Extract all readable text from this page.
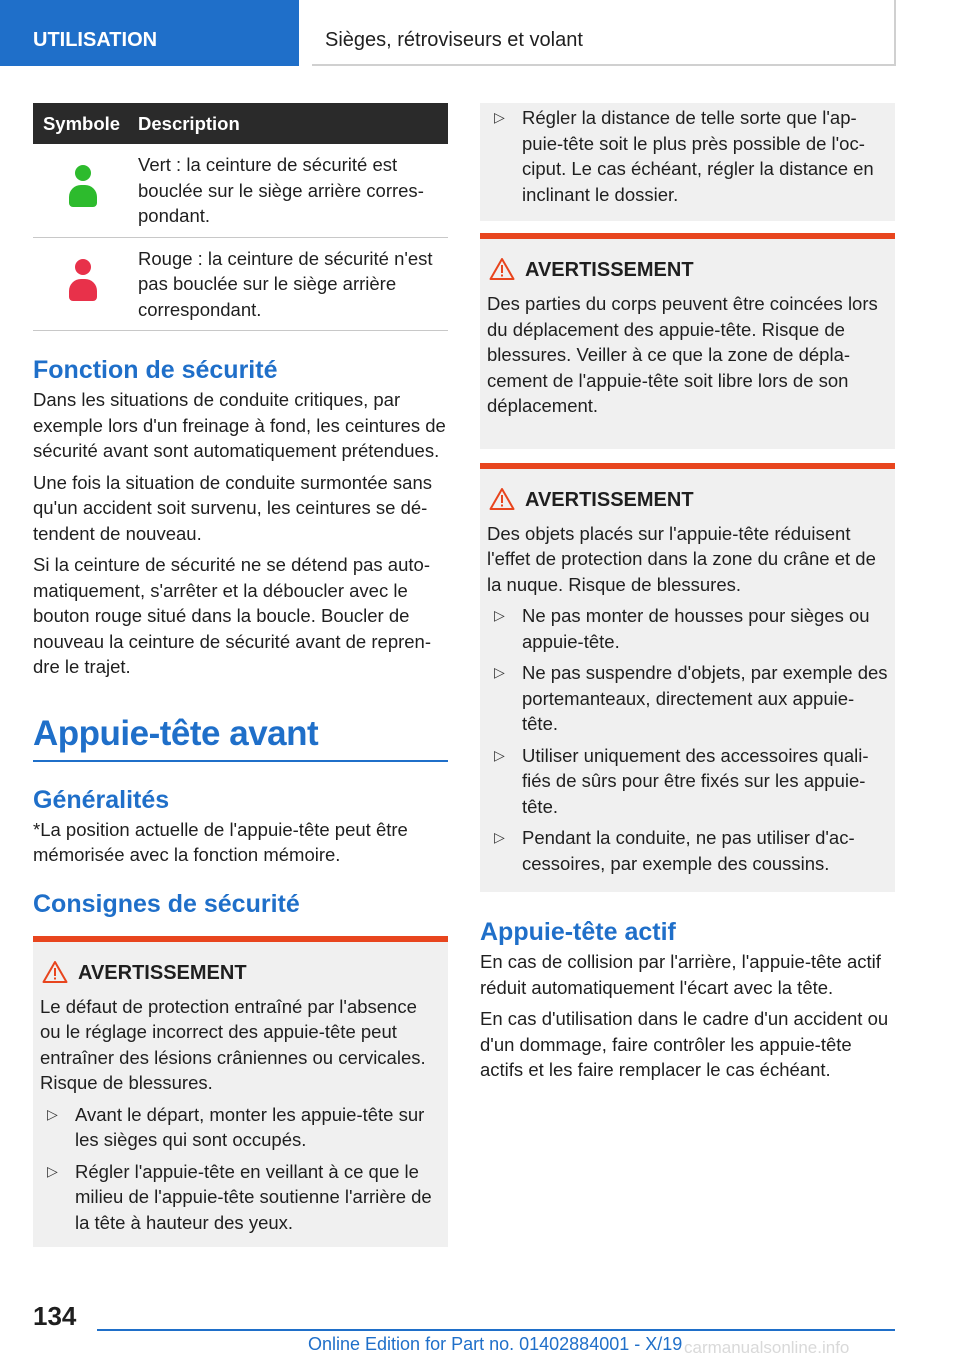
UTILISATION	Sièges, rétroviseurs et volant
Symbole	Description

	Vert : la ceinture de sécurité est bouclée sur le siège arrière correspondant.

	Rouge : la ceinture de sécurité n'est pas bouclée sur le siège arrière correspondant.
Fonction de sécurité

Dans les situations de conduite critiques, par exemple lors d'un freinage à fond, les ceintures de sécurité avant sont automatiquement prétendues.

Une fois la situation de conduite surmontée sans qu'un accident soit survenu, les ceintures se détendent de nouveau.

Si la ceinture de sécurité ne se détend pas automatiquement, s'arrêter et la déboucler avec le bouton rouge situé dans la boucle. Boucler de nouveau la ceinture de sécurité avant de reprendre le trajet.

Appuie-tête avant
Généralités

*La position actuelle de l'appuie-tête peut être mémorisée avec la fonction mémoire.

Consignes de sécurité
AVERTISSEMENT

Le défaut de protection entraîné par l'absence ou le réglage incorrect des appuie-tête peut entraîner des lésions crâniennes ou cervicales. Risque de blessures.

▷ Avant le départ, monter les appuie-tête sur les sièges qui sont occupés.
▷ Régler l'appuie-tête en veillant à ce que le milieu de l'appuie-tête soutienne l'arrière de la tête à hauteur des yeux.
▷ Régler la distance de telle sorte que l'appuie-tête soit le plus près possible de l'occiput. Le cas échéant, régler la distance en inclinant le dossier.
AVERTISSEMENT

Des parties du corps peuvent être coincées lors du déplacement des appuie-tête. Risque de blessures. Veiller à ce que la zone de déplacement de l'appuie-tête soit libre lors de son déplacement.

AVERTISSEMENT

Des objets placés sur l'appuie-tête réduisent l'effet de protection dans la zone du crâne et de la nuque. Risque de blessures.

▷ Ne pas monter de housses pour sièges ou appuie-tête.
▷ Ne pas suspendre d'objets, par exemple des portemanteaux, directement aux appuie-tête.
▷ Utiliser uniquement des accessoires qualifiés de sûrs pour être fixés sur les appuie-tête.
▷ Pendant la conduite, ne pas utiliser d'accessoires, par exemple des coussins.
Appuie-tête actif

En cas de collision par l'arrière, l'appuie-tête actif réduit automatiquement l'écart avec la tête.

En cas d'utilisation dans le cadre d'un accident ou d'un dommage, faire contrôler les appuie-tête actifs et les faire remplacer le cas échéant.

134
Online Edition for Part no. 01402884001 - X/19 carmanualsonline.info
